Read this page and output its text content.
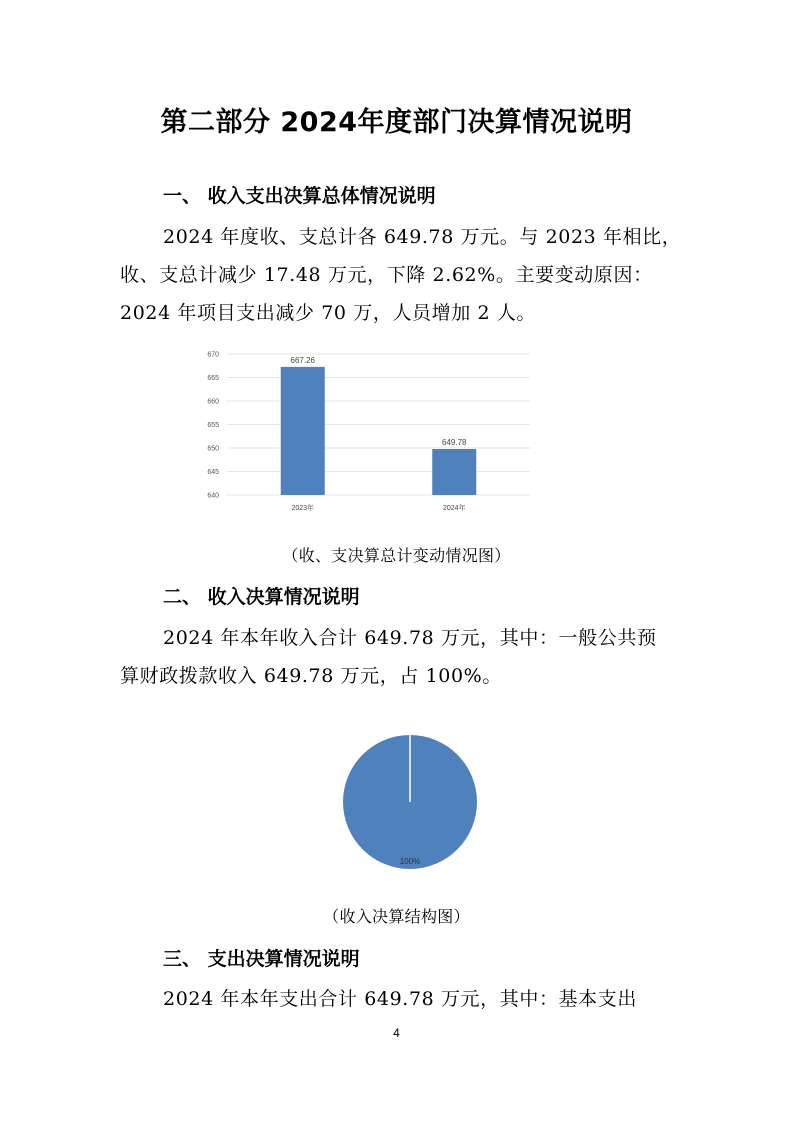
第二部分 2024年度部门决算情况说明
一、 收入支出决算总体情况说明
2024 年度收、支总计各 649.78 万元。与 2023 年相比，
收、支总计减少 17.48 万元，下降 2.62%。主要变动原因：
2024 年项目支出减少 70 万，人员增加 2 人。
640
645
650
655
660
665
670
667.26
2023年
649.78
2024年
（收、支决算总计变动情况图）
二、 收入决算情况说明
2024 年本年收入合计 649.78 万元，其中：一般公共预
算财政拨款收入 649.78 万元，占 100%。
100%
（收入决算结构图）
三、 支出决算情况说明
2024 年本年支出合计 649.78 万元，其中：基本支出
4
